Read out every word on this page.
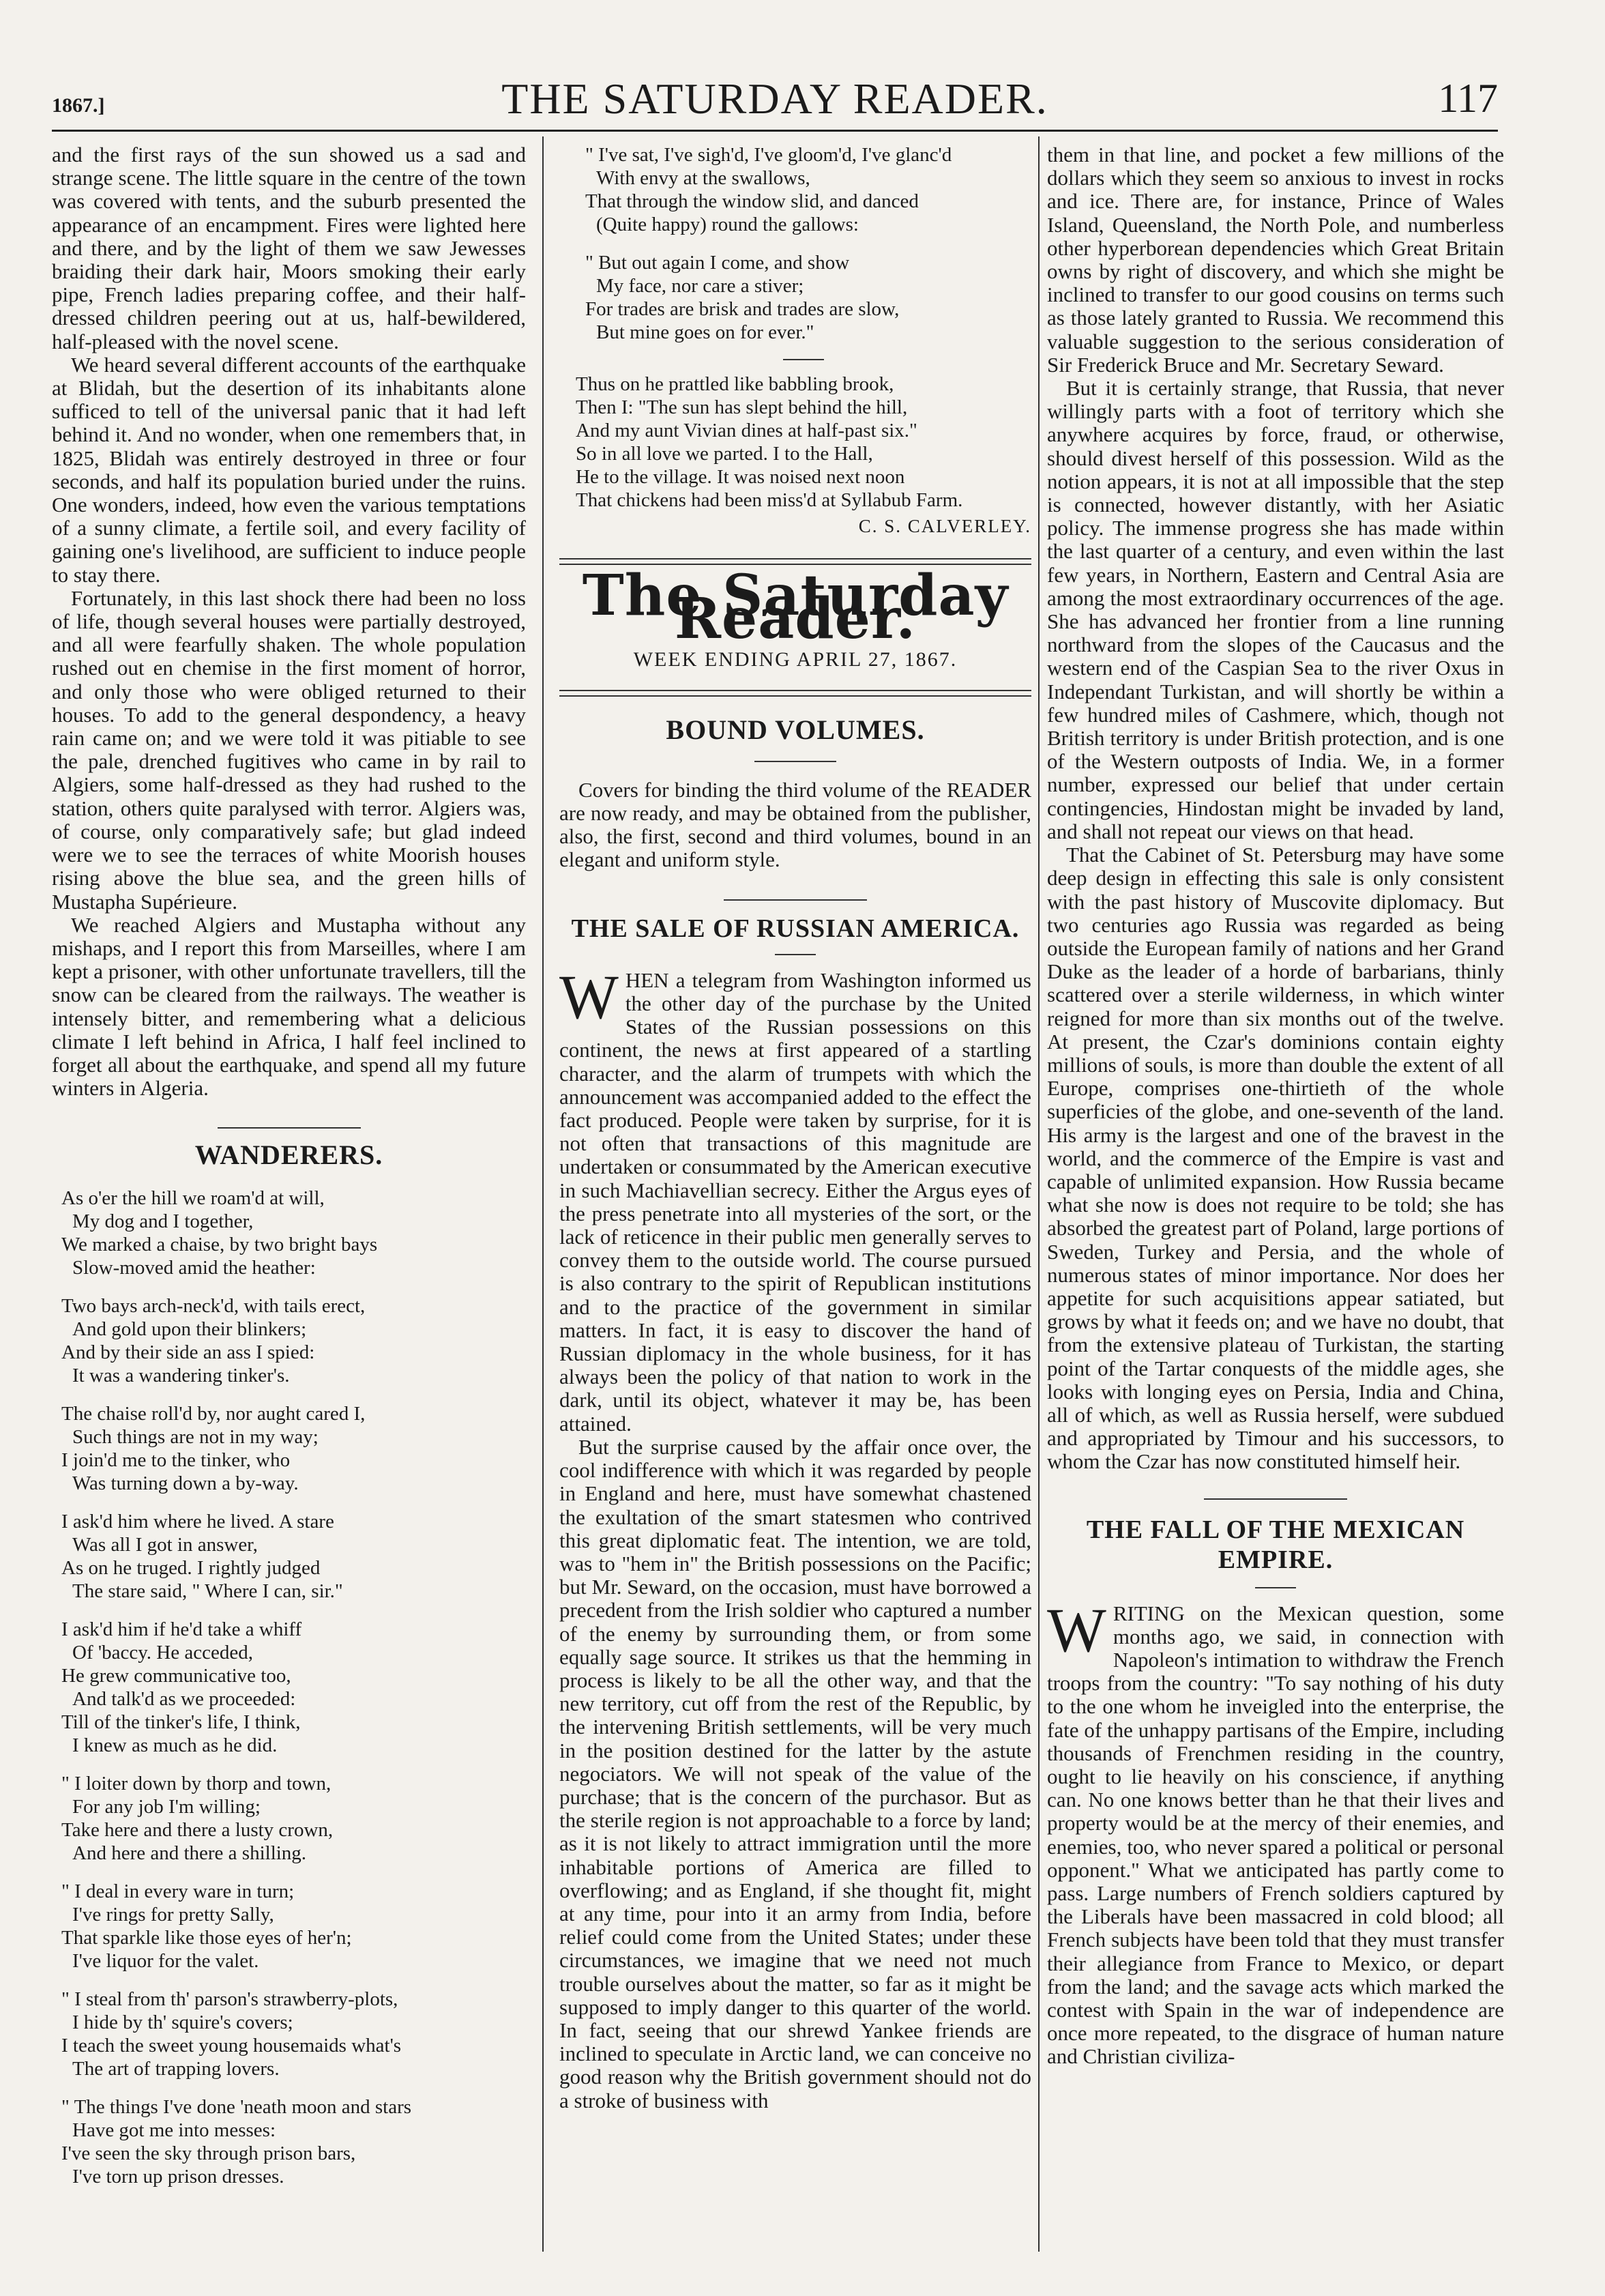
1867.]	THE SATURDAY READER.	117

and the first rays of the sun showed us a sad and strange scene. The little square in the centre of the town was covered with tents, and the suburb presented the appearance of an encampment. Fires were lighted here and there, and by the light of them we saw Jewesses braiding their dark hair, Moors smoking their early pipe, French ladies preparing coffee, and their half-dressed children peering out at us, half-bewildered, half-pleased with the novel scene.

We heard several different accounts of the earthquake at Blidah, but the desertion of its inhabitants alone sufficed to tell of the universal panic that it had left behind it. And no wonder, when one remembers that, in 1825, Blidah was entirely destroyed in three or four seconds, and half its population buried under the ruins. One wonders, indeed, how even the various temptations of a sunny climate, a fertile soil, and every facility of gaining one's livelihood, are sufficient to induce people to stay there.

Fortunately, in this last shock there had been no loss of life, though several houses were partially destroyed, and all were fearfully shaken. The whole population rushed out en chemise in the first moment of horror, and only those who were obliged returned to their houses. To add to the general despondency, a heavy rain came on; and we were told it was pitiable to see the pale, drenched fugitives who came in by rail to Algiers, some half-dressed as they had rushed to the station, others quite paralysed with terror. Algiers was, of course, only comparatively safe; but glad indeed were we to see the terraces of white Moorish houses rising above the blue sea, and the green hills of Mustapha Supérieure.

We reached Algiers and Mustapha without any mishaps, and I report this from Marseilles, where I am kept a prisoner, with other unfortunate travellers, till the snow can be cleared from the railways. The weather is intensely bitter, and remembering what a delicious climate I left behind in Africa, I half feel inclined to forget all about the earthquake, and spend all my future winters in Algeria.

WANDERERS.
As o'er the hill we roam'd at will,
My dog and I together,
We marked a chaise, by two bright bays
Slow-moved amid the heather:
Two bays arch-neck'd, with tails erect,
And gold upon their blinkers;
And by their side an ass I spied:
It was a wandering tinker's.
The chaise roll'd by, nor aught cared I,
Such things are not in my way;
I join'd me to the tinker, who
Was turning down a by-way.
I ask'd him where he lived. A stare
Was all I got in answer,
As on he truged. I rightly judged
The stare said, " Where I can, sir."
I ask'd him if he'd take a whiff
Of 'baccy. He acceded,
He grew communicative too,
And talk'd as we proceeded:
Till of the tinker's life, I think,
I knew as much as he did.
" I loiter down by thorp and town,
For any job I'm willing;
Take here and there a lusty crown,
And here and there a shilling.
" I deal in every ware in turn;
I've rings for pretty Sally,
That sparkle like those eyes of her'n;
I've liquor for the valet.
" I steal from th' parson's strawberry-plots,
I hide by th' squire's covers;
I teach the sweet young housemaids what's
The art of trapping lovers.
" The things I've done 'neath moon and stars
Have got me into messes:
I've seen the sky through prison bars,
I've torn up prison dresses.
" I've sat, I've sigh'd, I've gloom'd, I've glanc'd
With envy at the swallows,
That through the window slid, and danced
(Quite happy) round the gallows:
" But out again I come, and show
My face, nor care a stiver;
For trades are brisk and trades are slow,
But mine goes on for ever."
Thus on he prattled like babbling brook,
Then I: "The sun has slept behind the hill,
And my aunt Vivian dines at half-past six."
So in all love we parted. I to the Hall,
He to the village. It was noised next noon
That chickens had been miss'd at Syllabub Farm.
C. S. CALVERLEY.
The Saturday Reader.
WEEK ENDING APRIL 27, 1867.
BOUND VOLUMES.

Covers for binding the third volume of the READER are now ready, and may be obtained from the publisher, also, the first, second and third volumes, bound in an elegant and uniform style.

THE SALE OF RUSSIAN AMERICA.

WHEN a telegram from Washington informed us the other day of the purchase by the United States of the Russian possessions on this continent, the news at first appeared of a startling character, and the alarm of trumpets with which the announcement was accompanied added to the effect the fact produced. People were taken by surprise, for it is not often that transactions of this magnitude are undertaken or consummated by the American executive in such Machiavellian secrecy. Either the Argus eyes of the press penetrate into all mysteries of the sort, or the lack of reticence in their public men generally serves to convey them to the outside world. The course pursued is also contrary to the spirit of Republican institutions and to the practice of the government in similar matters. In fact, it is easy to discover the hand of Russian diplomacy in the whole business, for it has always been the policy of that nation to work in the dark, until its object, whatever it may be, has been attained.

But the surprise caused by the affair once over, the cool indifference with which it was regarded by people in England and here, must have somewhat chastened the exultation of the smart statesmen who contrived this great diplomatic feat. The intention, we are told, was to "hem in" the British possessions on the Pacific; but Mr. Seward, on the occasion, must have borrowed a precedent from the Irish soldier who captured a number of the enemy by surrounding them, or from some equally sage source. It strikes us that the hemming in process is likely to be all the other way, and that the new territory, cut off from the rest of the Republic, by the intervening British settlements, will be very much in the position destined for the latter by the astute negociators. We will not speak of the value of the purchase; that is the concern of the purchasor. But as the sterile region is not approachable to a force by land; as it is not likely to attract immigration until the more inhabitable portions of America are filled to overflowing; and as England, if she thought fit, might at any time, pour into it an army from India, before relief could come from the United States; under these circumstances, we imagine that we need not much trouble ourselves about the matter, so far as it might be supposed to imply danger to this quarter of the world. In fact, seeing that our shrewd Yankee friends are inclined to speculate in Arctic land, we can conceive no good reason why the British government should not do a stroke of business with

them in that line, and pocket a few millions of the dollars which they seem so anxious to invest in rocks and ice. There are, for instance, Prince of Wales Island, Queensland, the North Pole, and numberless other hyperborean dependencies which Great Britain owns by right of discovery, and which she might be inclined to transfer to our good cousins on terms such as those lately granted to Russia. We recommend this valuable suggestion to the serious consideration of Sir Frederick Bruce and Mr. Secretary Seward.

But it is certainly strange, that Russia, that never willingly parts with a foot of territory which she anywhere acquires by force, fraud, or otherwise, should divest herself of this possession. Wild as the notion appears, it is not at all impossible that the step is connected, however distantly, with her Asiatic policy. The immense progress she has made within the last quarter of a century, and even within the last few years, in Northern, Eastern and Central Asia are among the most extraordinary occurrences of the age. She has advanced her frontier from a line running northward from the slopes of the Caucasus and the western end of the Caspian Sea to the river Oxus in Independant Turkistan, and will shortly be within a few hundred miles of Cashmere, which, though not British territory is under British protection, and is one of the Western outposts of India. We, in a former number, expressed our belief that under certain contingencies, Hindostan might be invaded by land, and shall not repeat our views on that head.

That the Cabinet of St. Petersburg may have some deep design in effecting this sale is only consistent with the past history of Muscovite diplomacy. But two centuries ago Russia was regarded as being outside the European family of nations and her Grand Duke as the leader of a horde of barbarians, thinly scattered over a sterile wilderness, in which winter reigned for more than six months out of the twelve. At present, the Czar's dominions contain eighty millions of souls, is more than double the extent of all Europe, comprises one-thirtieth of the whole superficies of the globe, and one-seventh of the land. His army is the largest and one of the bravest in the world, and the commerce of the Empire is vast and capable of unlimited expansion. How Russia became what she now is does not require to be told; she has absorbed the greatest part of Poland, large portions of Sweden, Turkey and Persia, and the whole of numerous states of minor importance. Nor does her appetite for such acquisitions appear satiated, but grows by what it feeds on; and we have no doubt, that from the extensive plateau of Turkistan, the starting point of the Tartar conquests of the middle ages, she looks with longing eyes on Persia, India and China, all of which, as well as Russia herself, were subdued and appropriated by Timour and his successors, to whom the Czar has now constituted himself heir.

THE FALL OF THE MEXICAN EMPIRE.

WRITING on the Mexican question, some months ago, we said, in connection with Napoleon's intimation to withdraw the French troops from the country: "To say nothing of his duty to the one whom he inveigled into the enterprise, the fate of the unhappy partisans of the Empire, including thousands of Frenchmen residing in the country, ought to lie heavily on his conscience, if anything can. No one knows better than he that their lives and property would be at the mercy of their enemies, and enemies, too, who never spared a political or personal opponent." What we anticipated has partly come to pass. Large numbers of French soldiers captured by the Liberals have been massacred in cold blood; all French subjects have been told that they must transfer their allegiance from France to Mexico, or depart from the land; and the savage acts which marked the contest with Spain in the war of independence are once more repeated, to the disgrace of human nature and Christian civiliza-
